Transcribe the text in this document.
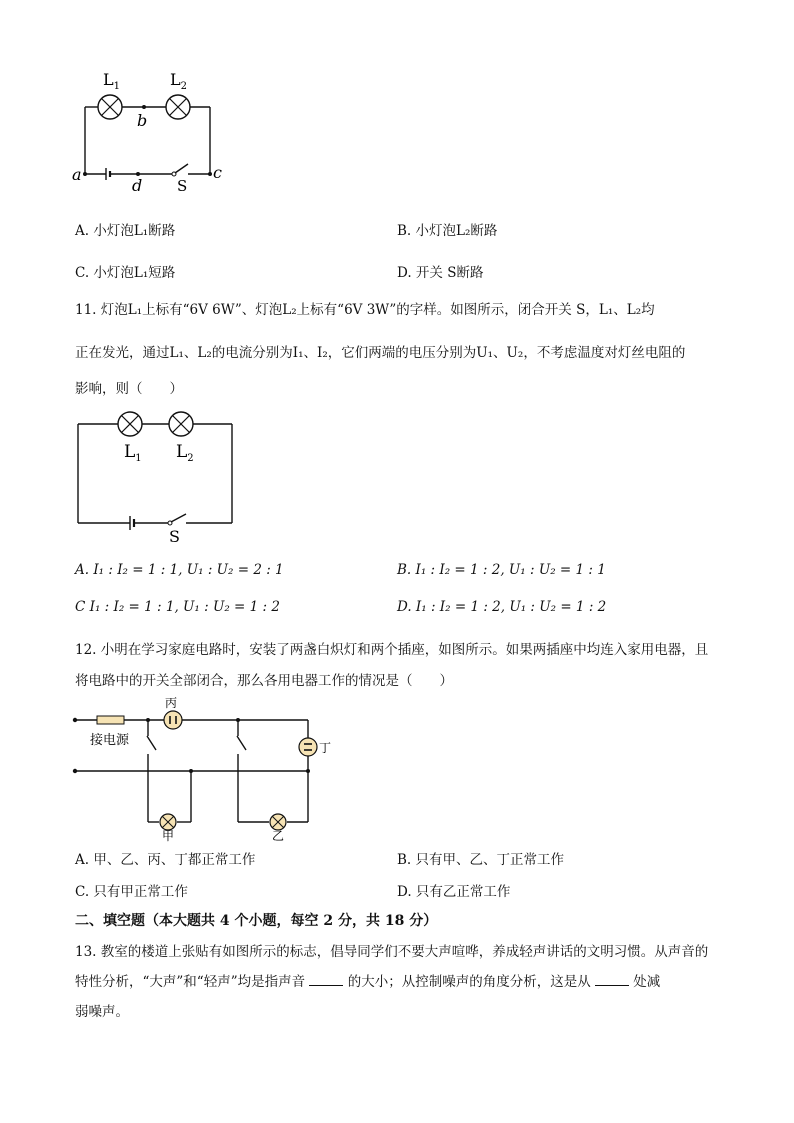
$L_1$	$L_2$
b
a	c
d S
A. 小灯泡L₁断路	B. 小灯泡L₂断路
C. 小灯泡L₁短路	D. 开关 S断路
11. 灯泡L₁上标有“6V 6W”、灯泡L₂上标有“6V 3W”的字样。如图所示，闭合开关 S，L₁、L₂均
正在发光，通过L₁、L₂的电流分别为I₁、I₂，它们两端的电压分别为U₁、U₂，不考虑温度对灯丝电阻的
影响，则（　　）
$L_1$ $L_2$
S
A. I₁ : I₂ = 1 : 1, U₁ : U₂ = 2 : 1	B. I₁ : I₂ = 1 : 2, U₁ : U₂ = 1 : 1
C I₁ : I₂ = 1 : 1, U₁ : U₂ = 1 : 2	D. I₁ : I₂ = 1 : 2, U₁ : U₂ = 1 : 2
12. 小明在学习家庭电路时，安装了两盏白炽灯和两个插座，如图所示。如果两插座中均连入家用电器，且
将电路中的开关全部闭合，那么各用电器工作的情况是（　　）
丙
丁
接电源
甲	乙
A. 甲、乙、丙、丁都正常工作	B. 只有甲、乙、丁正常工作
C. 只有甲正常工作	D. 只有乙正常工作
二、填空题（本大题共 4 个小题，每空 2 分，共 18 分）
13. 教室的楼道上张贴有如图所示的标志，倡导同学们不要大声喧哗，养成轻声讲话的文明习惯。从声音的
特性分析，“大声”和“轻声”均是指声音	的大小；从控制噪声的角度分析，这是从	处减
弱噪声。
